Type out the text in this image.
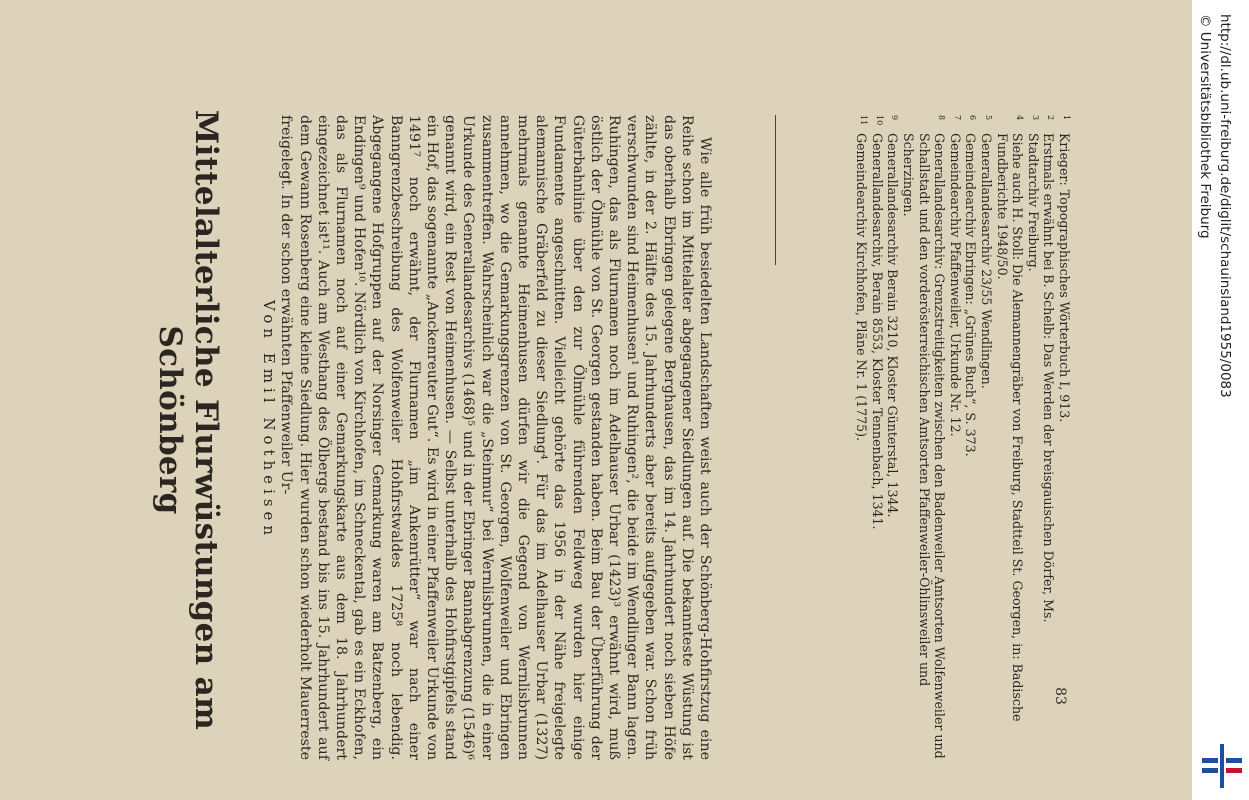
Mittelalterliche Flurwüstungen am Schönberg	Von Emil Notheisen	Wie alle früh besiedelten Landschaften weist auch der Schönberg-Hohfirstzug eine Reihe schon im Mittelalter abgegangener Siedlungen auf. Die bekannteste Wüstung ist das oberhalb Ebringen gelegene Berghausen, das im 14. Jahrhundert noch sieben Höfe zählte, in der 2. Hälfte des 15. Jahrhunderts aber bereits aufgegeben war. Schon früh verschwunden sind Heimenhusen¹ und Ruhingen², die beide im Wendlinger Bann lagen. Ruhingen, das als Flurnamen noch im Adelhauser Urbar (1423)³ erwähnt wird, muß östlich der Ölmühle von St. Georgen gestanden haben. Beim Bau der Überführung der Güterbahnlinie über den zur Ölmühle führenden Feldweg wurden hier einige Fundamente angeschnitten. Vielleicht gehörte das 1956 in der Nähe freigelegte alemannische Gräberfeld zu dieser Siedlung⁴. Für das im Adelhauser Urbar (1327) mehrmals genannte Heimenhusen dürfen wir die Gegend von Wernlisbrunnen annehmen, wo die Gemarkungsgrenzen von St. Georgen, Wolfenweiler und Ebringen zusammentreffen. Wahrscheinlich war die „Steinmur“ bei Wernlisbrunnen, die in einer Urkunde des Generallandesarchivs (1468)⁵ und in der Ebringer Bannabgrenzung (1546)⁶ genannt wird, ein Rest von Heimenhusen. — Selbst unterhalb des Hohfirstgipfels stand ein Hof, das sogenannte „Anckenreuter Gut“. Es wird in einer Pfaffenweiler Urkunde von 1491⁷ noch erwähnt, der Flurnamen „im Ankenrütter“ war nach einer Banngrenzbeschreibung des Wolfenweiler Hohfirstwaldes 1725⁸ noch lebendig. Abgegangene Hofgruppen auf der Norsinger Gemarkung waren am Batzenberg, ein Endingen⁹ und Hofen¹⁰. Nördlich von Kirchhofen, im Schneckental, gab es ein Eckhofen, das als Flurnamen noch auf einer Gemarkungskarte aus dem 18. Jahrhundert eingezeichnet ist¹¹. Auch am Westhang des Ölbergs bestand bis ins 15. Jahrhundert auf dem Gewann Rosenberg eine kleine Siedlung. Hier wurden schon wiederholt Mauerreste freigelegt. In der schon erwähnten Pfaffenweiler Ur-	1
Krieger: Topographisches Wörterbuch I, 913.
2
Erstmals erwähnt bei B. Schelb: Das Werden der breisgauischen Dörfer, Ms.
3
Stadtarchiv Freiburg.
4
Siehe auch H. Stoll: Die Alemannengräber von Freiburg, Stadtteil St. Georgen, in: Badische Fundberichte 1948/50.
5
Generallandesarchiv 23/55 Wendlingen.
6
Gemeindearchiv Ebringen: „Grünes Buch“, S. 373.
7
Gemeindearchiv Pfaffenweiler, Urkunde Nr. 12.
8
Generallandesarchiv: Grenzstreitigkeiten zwischen den Badenweiler Amtsorten Wolfenweiler und Schallstadt und den vorderösterreichischen Amtsorten Pfaffenweiler-Öhlinsweiler und Scherzingen.
9
Generallandesarchiv Berain 3210, Kloster Günterstal, 1344.
10
Generallandesarchiv, Berain 8553, Kloster Tennenbach, 1341.
11
Gemeindearchiv Kirchhofen, Pläne Nr. 1 (1775).

83

http://dl.ub.uni-freiburg.de/diglit/schauinsland1955/0083
© Universitätsbibliothek Freiburg
